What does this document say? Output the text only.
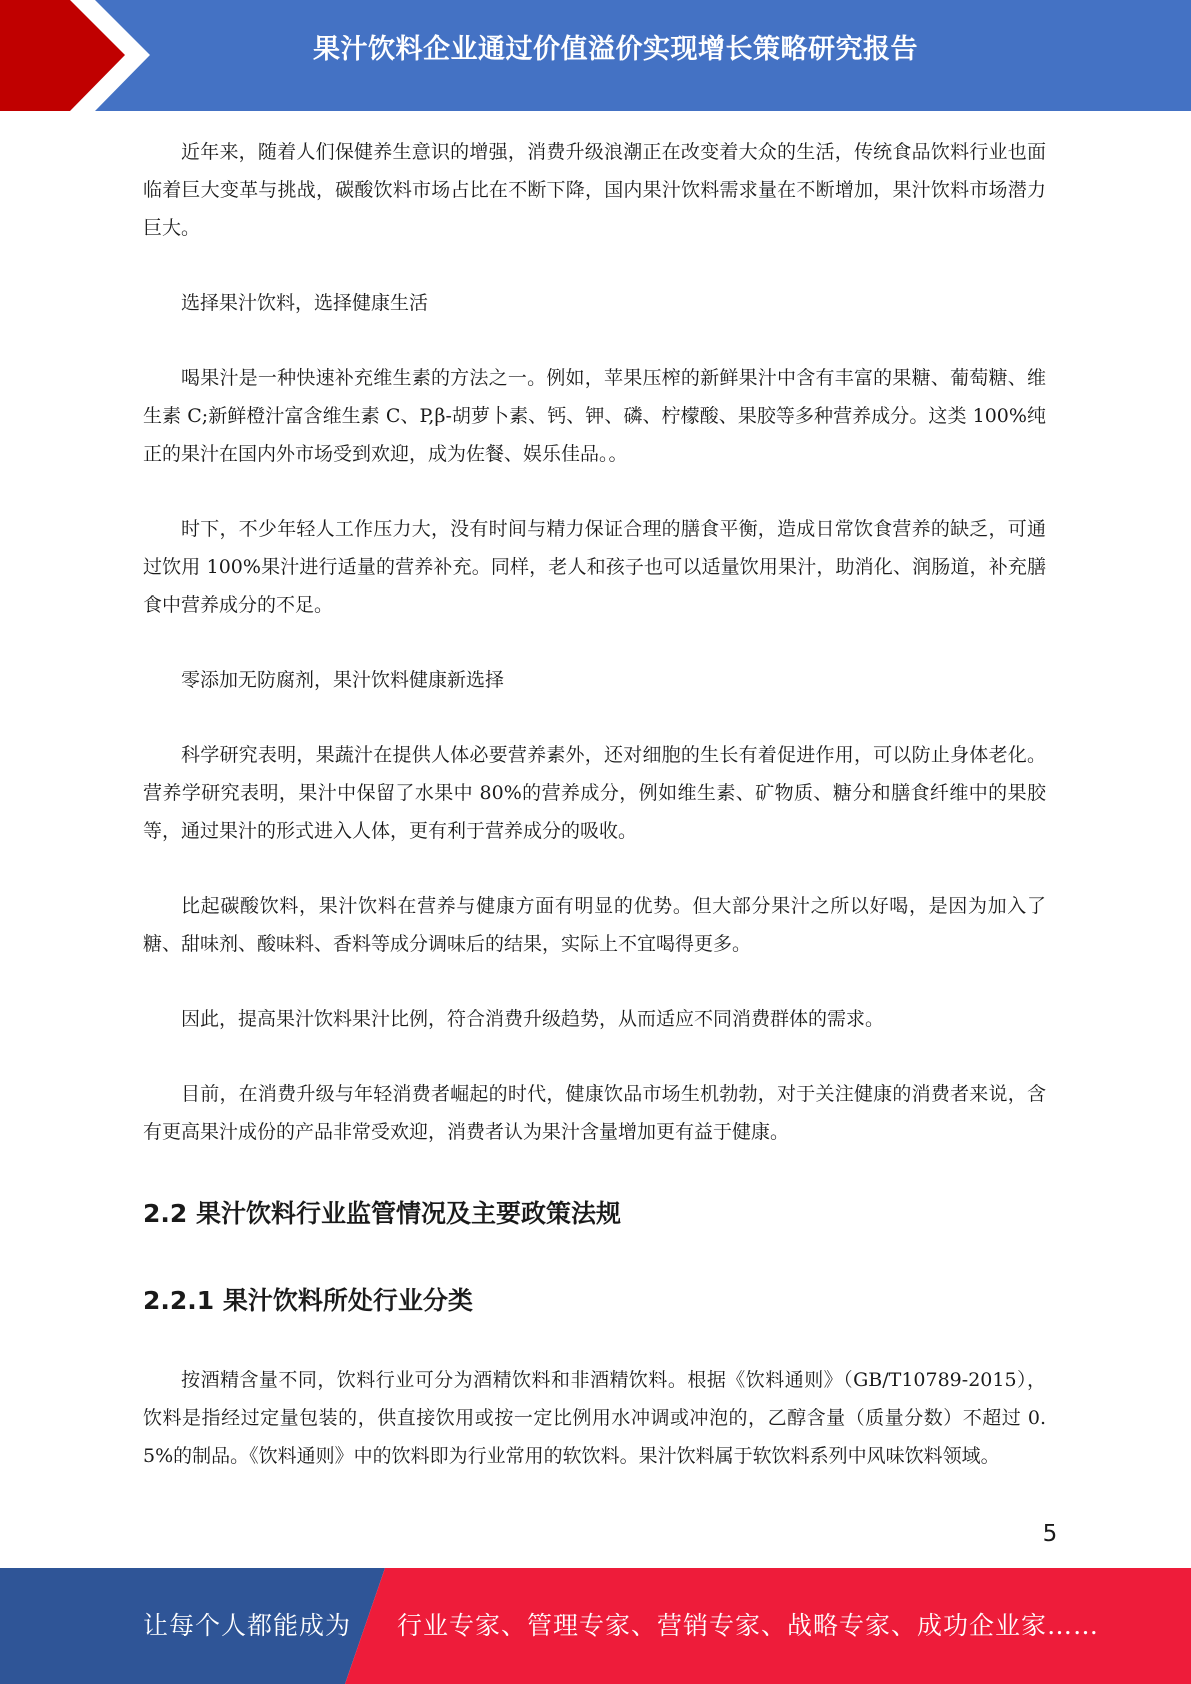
果汁饮料企业通过价值溢价实现增长策略研究报告

近年来，随着人们保健养生意识的增强，消费升级浪潮正在改变着大众的生活，传统食品饮料行业也面临着巨大变革与挑战，碳酸饮料市场占比在不断下降，国内果汁饮料需求量在不断增加，果汁饮料市场潜力巨大。

选择果汁饮料，选择健康生活

喝果汁是一种快速补充维生素的方法之一。例如，苹果压榨的新鲜果汁中含有丰富的果糖、葡萄糖、维生素 C;新鲜橙汁富含维生素 C、P,β-胡萝卜素、钙、钾、磷、柠檬酸、果胶等多种营养成分。这类 100%纯正的果汁在国内外市场受到欢迎，成为佐餐、娱乐佳品。。

时下，不少年轻人工作压力大，没有时间与精力保证合理的膳食平衡，造成日常饮食营养的缺乏，可通过饮用 100%果汁进行适量的营养补充。同样，老人和孩子也可以适量饮用果汁，助消化、润肠道，补充膳食中营养成分的不足。

零添加无防腐剂，果汁饮料健康新选择

科学研究表明，果蔬汁在提供人体必要营养素外，还对细胞的生长有着促进作用，可以防止身体老化。营养学研究表明，果汁中保留了水果中 80%的营养成分，例如维生素、矿物质、糖分和膳食纤维中的果胶等，通过果汁的形式进入人体，更有利于营养成分的吸收。

比起碳酸饮料，果汁饮料在营养与健康方面有明显的优势。但大部分果汁之所以好喝，是因为加入了糖、甜味剂、酸味料、香料等成分调味后的结果，实际上不宜喝得更多。

因此，提高果汁饮料果汁比例，符合消费升级趋势，从而适应不同消费群体的需求。

目前，在消费升级与年轻消费者崛起的时代，健康饮品市场生机勃勃，对于关注健康的消费者来说，含有更高果汁成份的产品非常受欢迎，消费者认为果汁含量增加更有益于健康。

2.2 果汁饮料行业监管情况及主要政策法规
2.2.1 果汁饮料所处行业分类

按酒精含量不同，饮料行业可分为酒精饮料和非酒精饮料。根据《饮料通则》（GB/T10789-2015），饮料是指经过定量包装的，供直接饮用或按一定比例用水冲调或冲泡的，乙醇含量（质量分数）不超过 0.5%的制品。《饮料通则》中的饮料即为行业常用的软饮料。果汁饮料属于软饮料系列中风味饮料领域。

5
让每个人都能成为 行业专家、管理专家、营销专家、战略专家、成功企业家……
